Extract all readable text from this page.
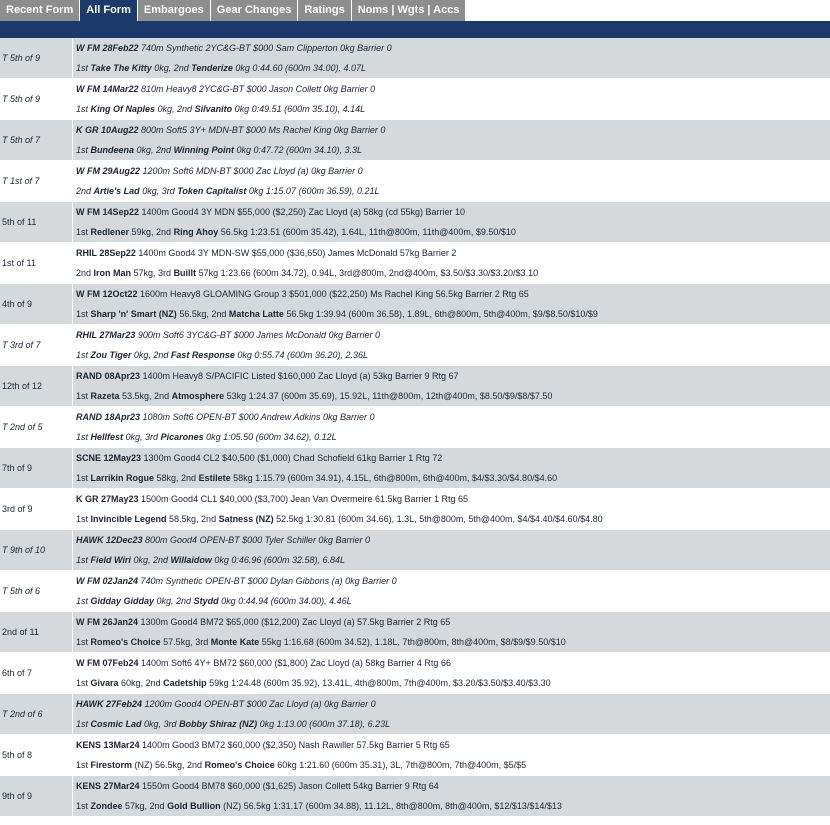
Recent Form	All Form	Embargoes	Gear Changes	Ratings	Noms | Wgts | Accs
T 5th of 9
W FM 28Feb22 740m Synthetic 2YC&G-BT $000 Sam Clipperton 0kg Barrier 0
1st Take The Kitty 0kg, 2nd Tenderize 0kg 0:44.60 (600m 34.00), 4.07L
T 5th of 9
W FM 14Mar22 810m Heavy8 2YC&G-BT $000 Jason Collett 0kg Barrier 0
1st King Of Naples 0kg, 2nd Silvanito 0kg 0:49.51 (600m 35.10), 4.14L
T 5th of 7
K GR 10Aug22 800m Soft5 3Y+ MDN-BT $000 Ms Rachel King 0kg Barrier 0
1st Bundeena 0kg, 2nd Winning Point 0kg 0:47.72 (600m 34.10), 3.3L
T 1st of 7
W FM 29Aug22 1200m Soft6 MDN-BT $000 Zac Lloyd (a) 0kg Barrier 0
2nd Artie's Lad 0kg, 3rd Token Capitalist 0kg 1:15.07 (600m 36.59), 0.21L
5th of 11
W FM 14Sep22 1400m Good4 3Y MDN $55,000 ($2,250) Zac Lloyd (a) 58kg (cd 55kg) Barrier 10
1st Redlener 59kg, 2nd Ring Ahoy 56.5kg 1:23.51 (600m 35.42), 1.64L, 11th@800m, 11th@400m, $9.50/$10
1st of 11
RHIL 28Sep22 1400m Good4 3Y MDN-SW $55,000 ($36,650) James McDonald 57kg Barrier 2
2nd Iron Man 57kg, 3rd Buillt 57kg 1:23.66 (600m 34.72), 0.94L, 3rd@800m, 2nd@400m, $3.50/$3.30/$3.20/$3.10
4th of 9
W FM 12Oct22 1600m Heavy8 GLOAMING Group 3 $501,000 ($22,250) Ms Rachel King 56.5kg Barrier 2 Rtg 65
1st Sharp 'n' Smart (NZ) 56.5kg, 2nd Matcha Latte 56.5kg 1:39.94 (600m 36.58), 1.89L, 6th@800m, 5th@400m, $9/$8.50/$10/$9
T 3rd of 7
RHIL 27Mar23 900m Soft6 3YC&G-BT $000 James McDonald 0kg Barrier 0
1st Zou Tiger 0kg, 2nd Fast Response 0kg 0:55.74 (600m 36.20), 2.36L
12th of 12
RAND 08Apr23 1400m Heavy8 S/PACIFIC Listed $160,000 Zac Lloyd (a) 53kg Barrier 9 Rtg 67
1st Razeta 53.5kg, 2nd Atmosphere 53kg 1:24.37 (600m 35.69), 15.92L, 11th@800m, 12th@400m, $8.50/$9/$8/$7.50
T 2nd of 5
RAND 18Apr23 1080m Soft6 OPEN-BT $000 Andrew Adkins 0kg Barrier 0
1st Hellfest 0kg, 3rd Picarones 0kg 1:05.50 (600m 34.62), 0.12L
7th of 9
SCNE 12May23 1300m Good4 CL2 $40,500 ($1,000) Chad Schofield 61kg Barrier 1 Rtg 72
1st Larrikin Rogue 58kg, 2nd Estilete 58kg 1:15.79 (600m 34.91), 4.15L, 6th@800m, 6th@400m, $4/$3.30/$4.80/$4.60
3rd of 9
K GR 27May23 1500m Good4 CL1 $40,000 ($3,700) Jean Van Overmeire 61.5kg Barrier 1 Rtg 65
1st Invincible Legend 58.5kg, 2nd Satness (NZ) 52.5kg 1:30.81 (600m 34.66), 1.3L, 5th@800m, 5th@400m, $4/$4.40/$4.60/$4.80
T 9th of 10
HAWK 12Dec23 800m Good4 OPEN-BT $000 Tyler Schiller 0kg Barrier 0
1st Field Wiri 0kg, 2nd Willaidow 0kg 0:46.96 (600m 32.58), 6.84L
T 5th of 6
W FM 02Jan24 740m Synthetic OPEN-BT $000 Dylan Gibbons (a) 0kg Barrier 0
1st Gidday Gidday 0kg, 2nd Stydd 0kg 0:44.94 (600m 34.00), 4.46L
2nd of 11
W FM 26Jan24 1300m Good4 BM72 $65,000 ($12,200) Zac Lloyd (a) 57.5kg Barrier 2 Rtg 65
1st Romeo's Choice 57.5kg, 3rd Monte Kate 55kg 1:16.68 (600m 34.52), 1.18L, 7th@800m, 8th@400m, $8/$9/$9.50/$10
6th of 7
W FM 07Feb24 1400m Soft6 4Y+ BM72 $60,000 ($1,800) Zac Lloyd (a) 58kg Barrier 4 Rtg 66
1st Givara 60kg, 2nd Cadetship 59kg 1:24.48 (600m 35.92), 13.41L, 4th@800m, 7th@400m, $3.20/$3.50/$3.40/$3.30
T 2nd of 6
HAWK 27Feb24 1200m Good4 OPEN-BT $000 Zac Lloyd (a) 0kg Barrier 0
1st Cosmic Lad 0kg, 3rd Bobby Shiraz (NZ) 0kg 1:13.00 (600m 37.18), 6.23L
5th of 8
KENS 13Mar24 1400m Good3 BM72 $60,000 ($2,350) Nash Rawiller 57.5kg Barrier 5 Rtg 65
1st Firestorm (NZ) 56.5kg, 2nd Romeo's Choice 60kg 1:21.60 (600m 35.31), 3L, 7th@800m, 7th@400m, $5/$5
9th of 9
KENS 27Mar24 1550m Good4 BM78 $60,000 ($1,625) Jason Collett 54kg Barrier 9 Rtg 64
1st Zondee 57kg, 2nd Gold Bullion (NZ) 56.5kg 1:31.17 (600m 34.88), 11.12L, 8th@800m, 8th@400m, $12/$13/$14/$13
